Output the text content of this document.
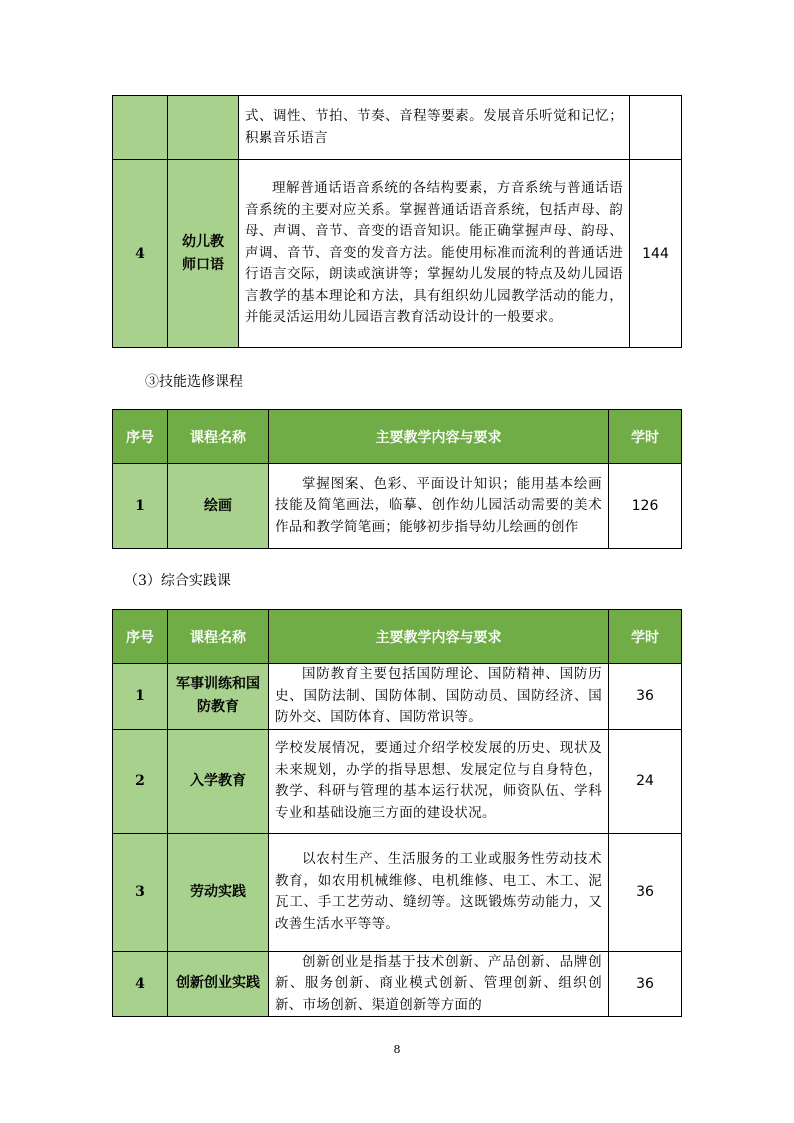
		式、调性、节拍、节奏、音程等要素。发展音乐听觉和记忆；积累音乐语言	
4	幼儿教师口语	理解普通话语音系统的各结构要素，方音系统与普通话语音系统的主要对应关系。掌握普通话语音系统，包括声母、韵母、声调、音节、音变的语音知识。能正确掌握声母、韵母、声调、音节、音变的发音方法。能使用标准而流利的普通话进行语言交际，朗读或演讲等；掌握幼儿发展的特点及幼儿园语言教学的基本理论和方法，具有组织幼儿园教学活动的能力，并能灵活运用幼儿园语言教育活动设计的一般要求。	144
③技能选修课程
序号	课程名称	主要教学内容与要求	学时
1	绘画	掌握图案、色彩、平面设计知识；能用基本绘画技能及简笔画法，临摹、创作幼儿园活动需要的美术作品和教学简笔画；能够初步指导幼儿绘画的创作	126
（3）综合实践课
序号	课程名称	主要教学内容与要求	学时
1	军事训练和国防教育	国防教育主要包括国防理论、国防精神、国防历史、国防法制、国防体制、国防动员、国防经济、国防外交、国防体育、国防常识等。	36
2	入学教育	学校发展情况，要通过介绍学校发展的历史、现状及未来规划，办学的指导思想、发展定位与自身特色，教学、科研与管理的基本运行状况，师资队伍、学科专业和基础设施三方面的建设状况。	24
3	劳动实践	以农村生产、生活服务的工业或服务性劳动技术教育，如农用机械维修、电机维修、电工、木工、泥瓦工、手工艺劳动、缝纫等。这既锻炼劳动能力，又改善生活水平等等。	36
4	创新创业实践	创新创业是指基于技术创新、产品创新、品牌创新、服务创新、商业模式创新、管理创新、组织创新、市场创新、渠道创新等方面的	36
8
